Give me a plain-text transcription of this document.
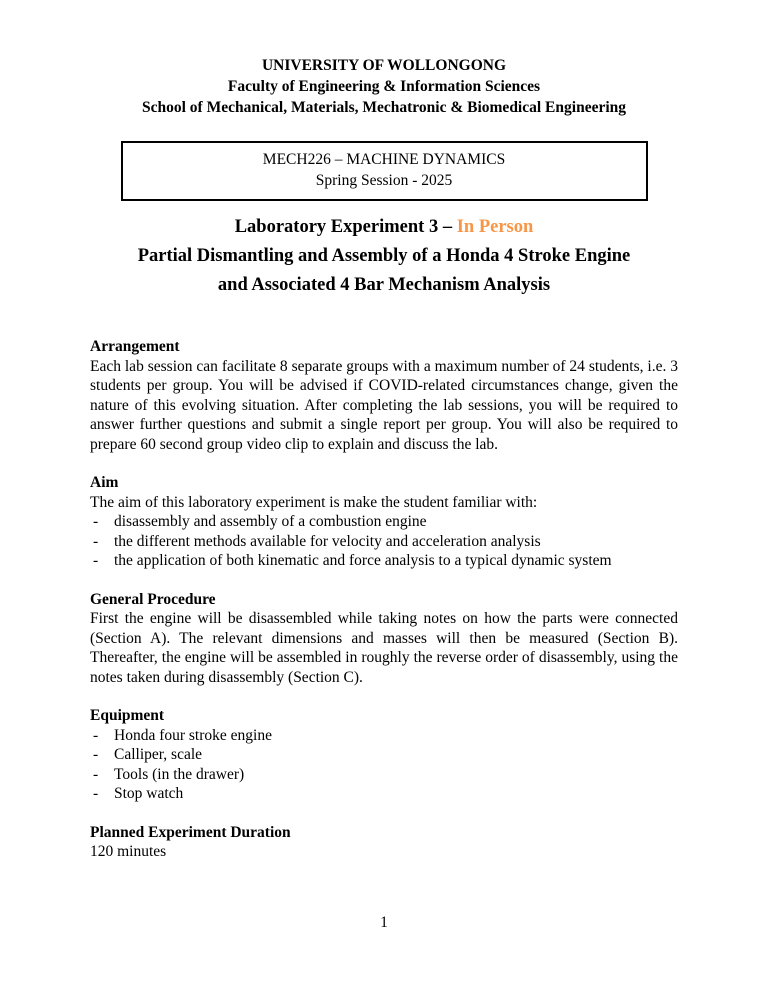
UNIVERSITY OF WOLLONGONG
Faculty of Engineering & Information Sciences
School of Mechanical, Materials, Mechatronic & Biomedical Engineering
MECH226 – MACHINE DYNAMICS
Spring Session - 2025
Laboratory Experiment 3 – In Person
Partial Dismantling and Assembly of a Honda 4 Stroke Engine
and Associated 4 Bar Mechanism Analysis
Arrangement
Each lab session can facilitate 8 separate groups with a maximum number of 24 students, i.e. 3 students per group. You will be advised if COVID-related circumstances change, given the nature of this evolving situation. After completing the lab sessions, you will be required to answer further questions and submit a single report per group. You will also be required to prepare 60 second group video clip to explain and discuss the lab.
Aim
The aim of this laboratory experiment is make the student familiar with:
-	disassembly and assembly of a combustion engine
-	the different methods available for velocity and acceleration analysis
-	the application of both kinematic and force analysis to a typical dynamic system
General Procedure
First the engine will be disassembled while taking notes on how the parts were connected (Section A). The relevant dimensions and masses will then be measured (Section B). Thereafter, the engine will be assembled in roughly the reverse order of disassembly, using the notes taken during disassembly (Section C).
Equipment
-	Honda four stroke engine
-	Calliper, scale
-	Tools (in the drawer)
-	Stop watch
Planned Experiment Duration
120 minutes
1
